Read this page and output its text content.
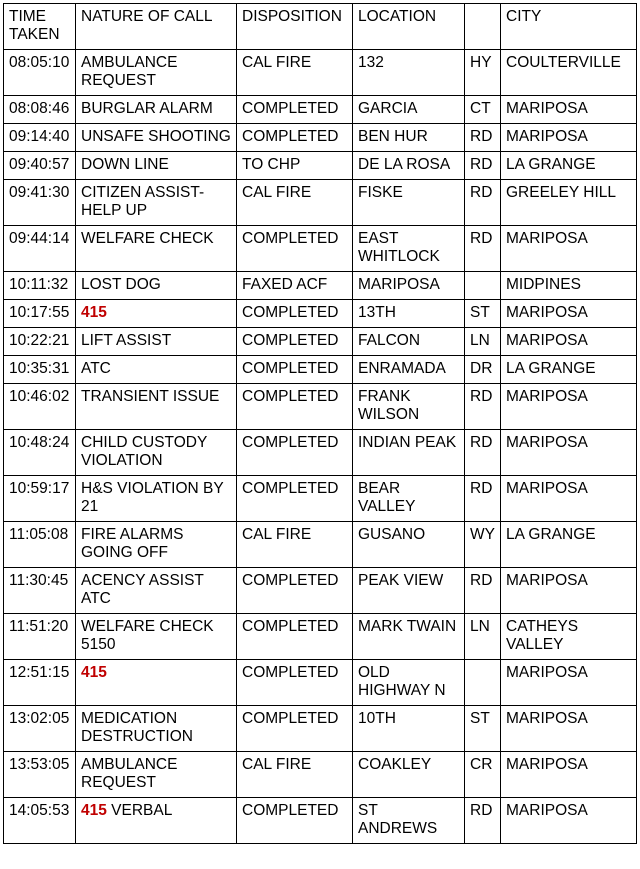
TIME TAKEN	NATURE OF CALL	DISPOSITION	LOCATION		CITY
08:05:10	AMBULANCE REQUEST	CAL FIRE	132	HY	COULTERVILLE
08:08:46	BURGLAR ALARM	COMPLETED	GARCIA	CT	MARIPOSA
09:14:40	UNSAFE SHOOTING	COMPLETED	BEN HUR	RD	MARIPOSA
09:40:57	DOWN LINE	TO CHP	DE LA ROSA	RD	LA GRANGE
09:41:30	CITIZEN ASSIST-HELP UP	CAL FIRE	FISKE	RD	GREELEY HILL
09:44:14	WELFARE CHECK	COMPLETED	EAST WHITLOCK	RD	MARIPOSA
10:11:32	LOST DOG	FAXED ACF	MARIPOSA		MIDPINES
10:17:55	415	COMPLETED	13TH	ST	MARIPOSA
10:22:21	LIFT ASSIST	COMPLETED	FALCON	LN	MARIPOSA
10:35:31	ATC	COMPLETED	ENRAMADA	DR	LA GRANGE
10:46:02	TRANSIENT ISSUE	COMPLETED	FRANK WILSON	RD	MARIPOSA
10:48:24	CHILD CUSTODY VIOLATION	COMPLETED	INDIAN PEAK	RD	MARIPOSA
10:59:17	H&S VIOLATION BY 21	COMPLETED	BEAR VALLEY	RD	MARIPOSA
11:05:08	FIRE ALARMS GOING OFF	CAL FIRE	GUSANO	WY	LA GRANGE
11:30:45	ACENCY ASSIST ATC	COMPLETED	PEAK VIEW	RD	MARIPOSA
11:51:20	WELFARE CHECK 5150	COMPLETED	MARK TWAIN	LN	CATHEYS VALLEY
12:51:15	415	COMPLETED	OLD HIGHWAY N		MARIPOSA
13:02:05	MEDICATION DESTRUCTION	COMPLETED	10TH	ST	MARIPOSA
13:53:05	AMBULANCE REQUEST	CAL FIRE	COAKLEY	CR	MARIPOSA
14:05:53	415 VERBAL	COMPLETED	ST ANDREWS	RD	MARIPOSA
